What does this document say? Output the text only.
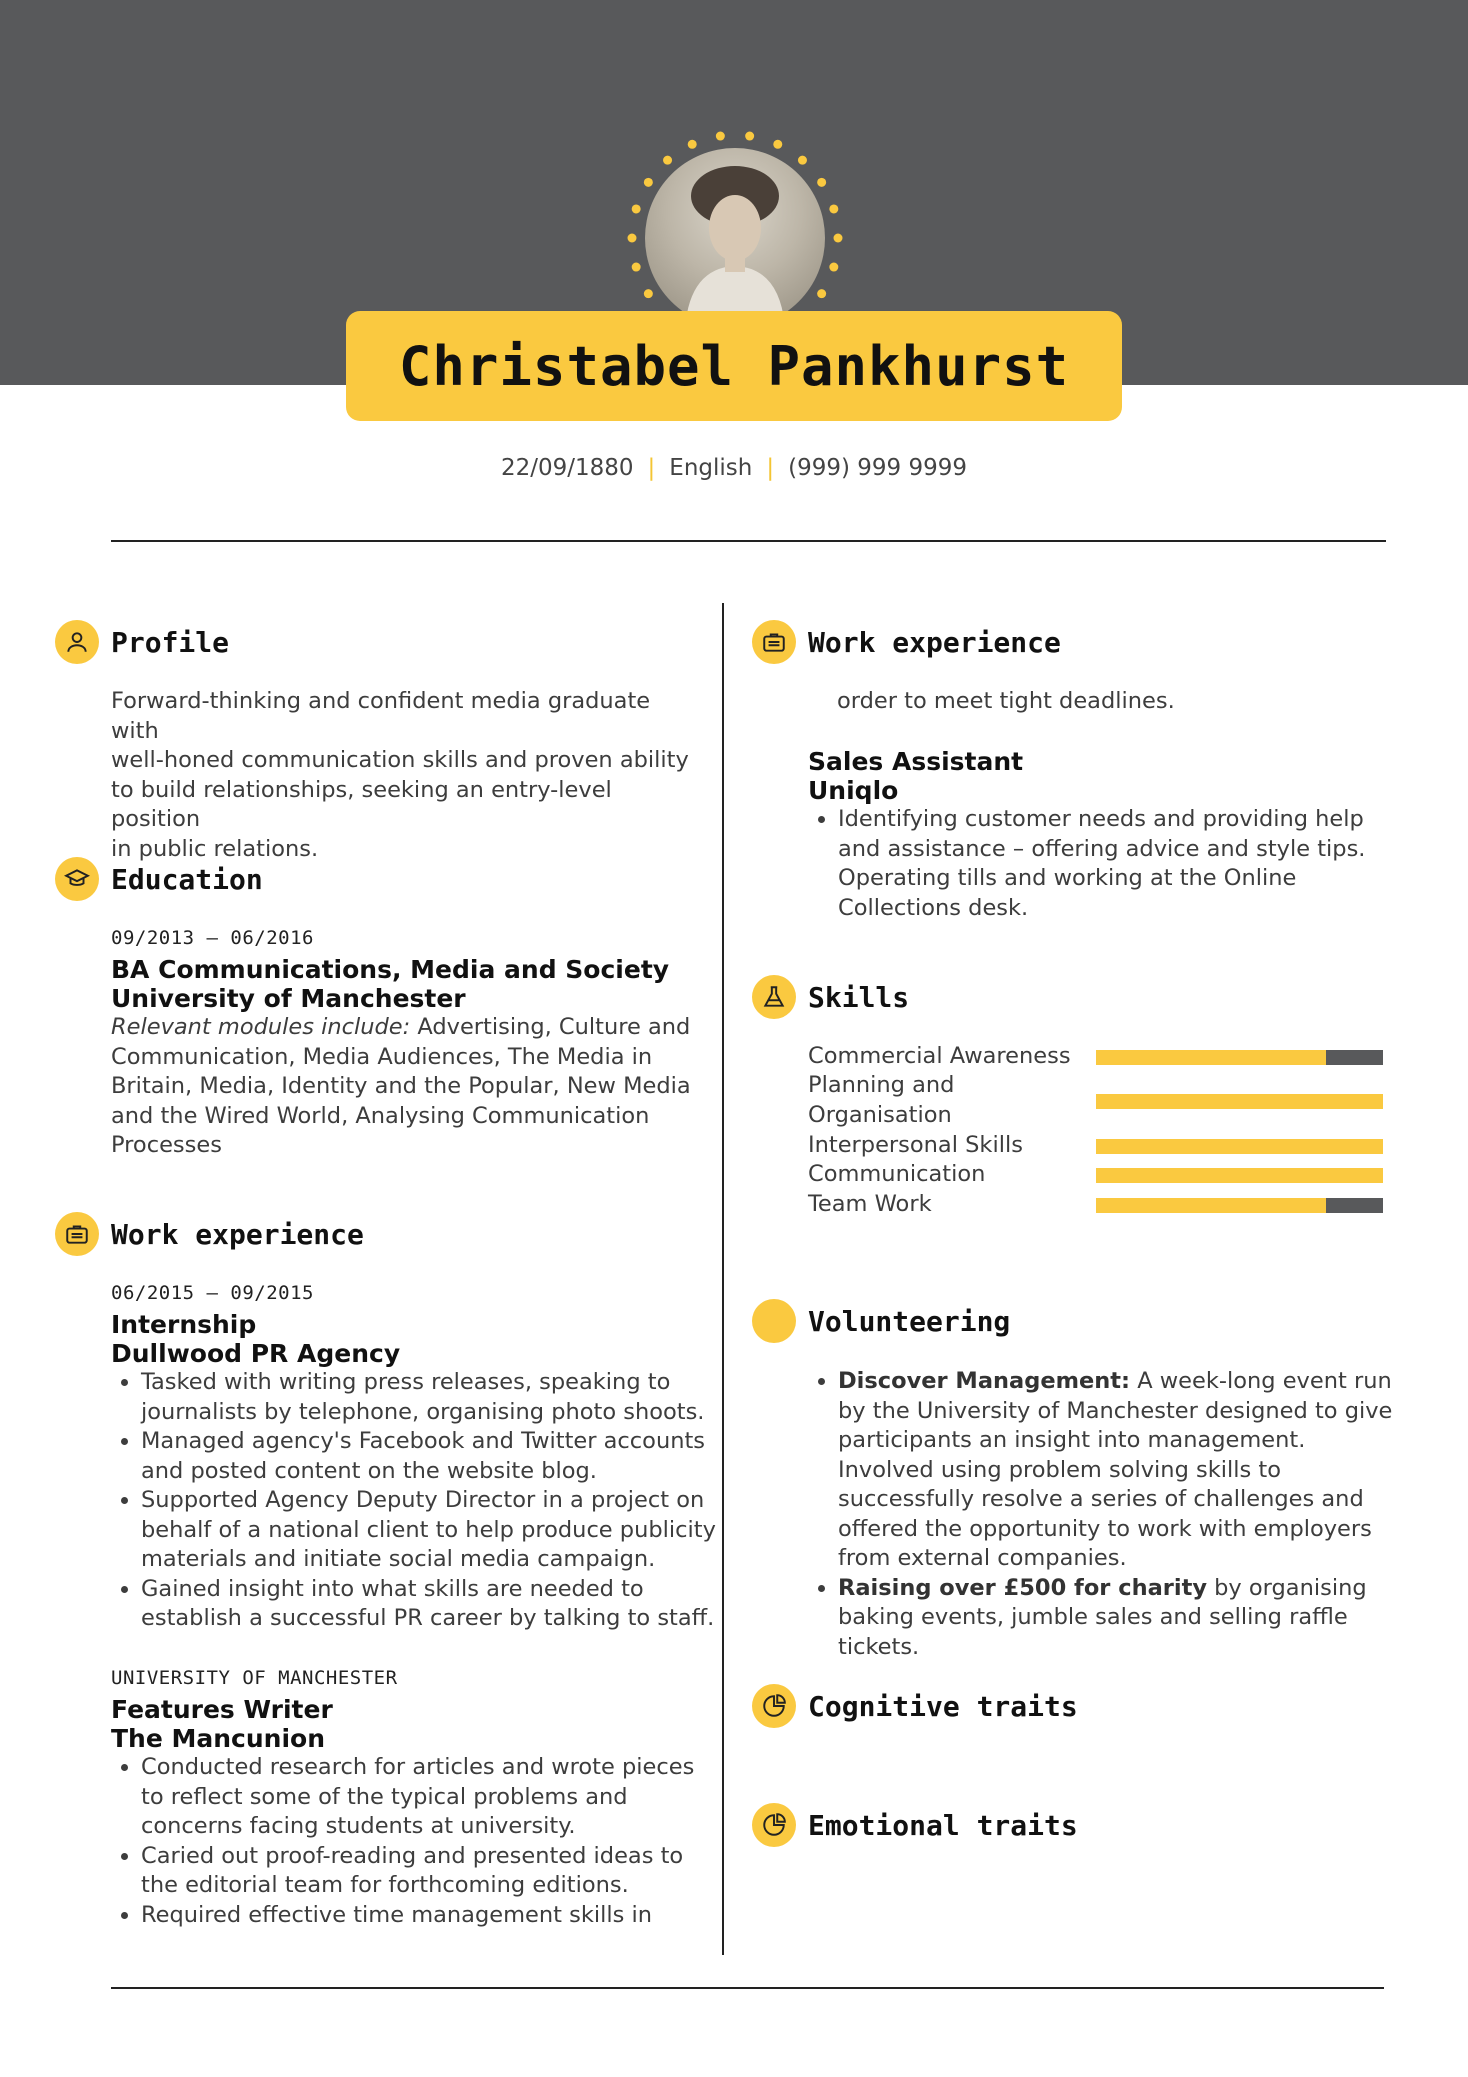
Christabel Pankhurst
22/09/1880 | English | (999) 999 9999
Profile
Forward-thinking and confident media graduate with
well-honed communication skills and proven ability
to build relationships, seeking an entry-level position
in public relations.
Education
09/2013 – 06/2016
BA Communications, Media and Society
University of Manchester
Relevant modules include: Advertising, Culture and
Communication, Media Audiences, The Media in
Britain, Media, Identity and the Popular, New Media
and the Wired World, Analysing Communication
Processes
Work experience
06/2015 – 09/2015
Internship
Dullwood PR Agency
• Tasked with writing press releases, speaking to journalists by telephone, organising photo shoots.
• Managed agency's Facebook and Twitter accounts and posted content on the website blog.
• Supported Agency Deputy Director in a project on behalf of a national client to help produce publicity materials and initiate social media campaign.
• Gained insight into what skills are needed to establish a successful PR career by talking to staff.
UNIVERSITY OF MANCHESTER
Features Writer
The Mancunion
• Conducted research for articles and wrote pieces to reflect some of the typical problems and concerns facing students at university.
• Caried out proof-reading and presented ideas to the editorial team for forthcoming editions.
• Required effective time management skills in
Work experience
order to meet tight deadlines.
Sales Assistant
Uniqlo
• Identifying customer needs and providing help and assistance – offering advice and style tips. Operating tills and working at the Online Collections desk.
Skills
Commercial Awareness
Planning and Organisation
Interpersonal Skills
Communication
Team Work
Volunteering
• Discover Management: A week-long event run by the University of Manchester designed to give participants an insight into management. Involved using problem solving skills to successfully resolve a series of challenges and offered the opportunity to work with employers from external companies.
• Raising over £500 for charity by organising baking events, jumble sales and selling raffle tickets.
Cognitive traits
Emotional traits
